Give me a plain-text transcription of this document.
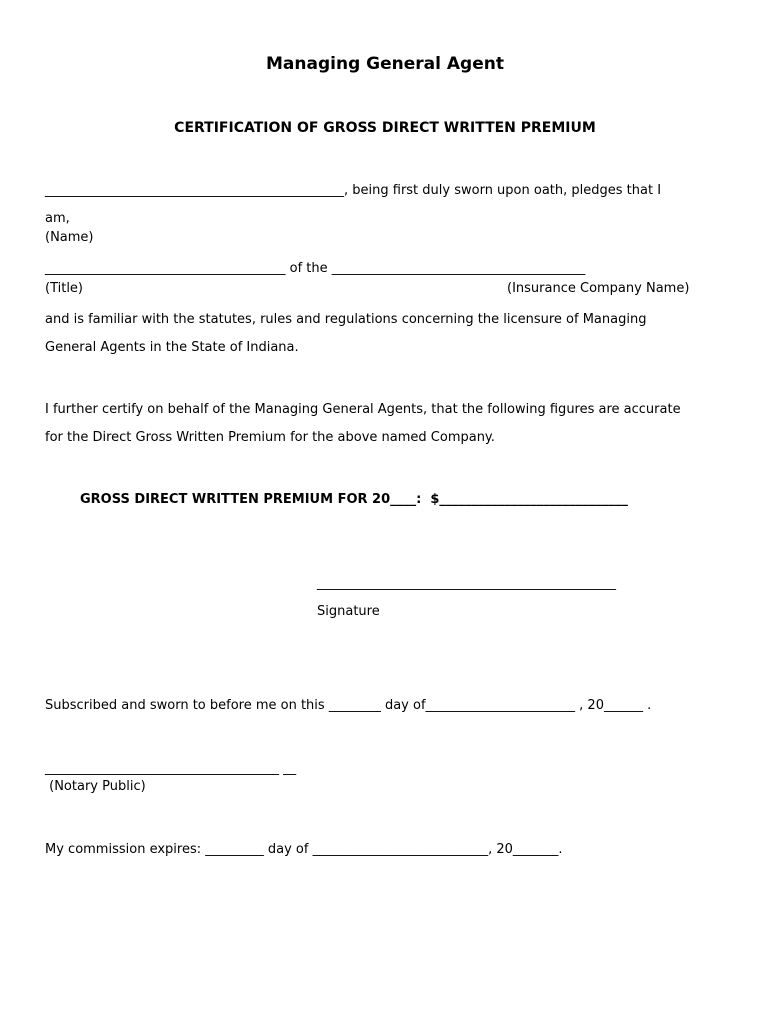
Managing General Agent
CERTIFICATION OF GROSS DIRECT WRITTEN PREMIUM
______________________________________________, being first duly sworn upon oath, pledges that I
am,
(Name)
_____________________________________ of the _______________________________________
(Title)	(Insurance Company Name)
and is familiar with the statutes, rules and regulations concerning the licensure of Managing
General Agents in the State of Indiana.
I further certify on behalf of the Managing General Agents, that the following figures are accurate
for the Direct Gross Written Premium for the above named Company.
GROSS DIRECT WRITTEN PREMIUM FOR 20____:  $_____________________________
______________________________________________
Signature
Subscribed and sworn to before me on this ________ day of_______________________ , 20______ .
____________________________________ __
(Notary Public)
My commission expires: _________ day of ___________________________, 20_______.
